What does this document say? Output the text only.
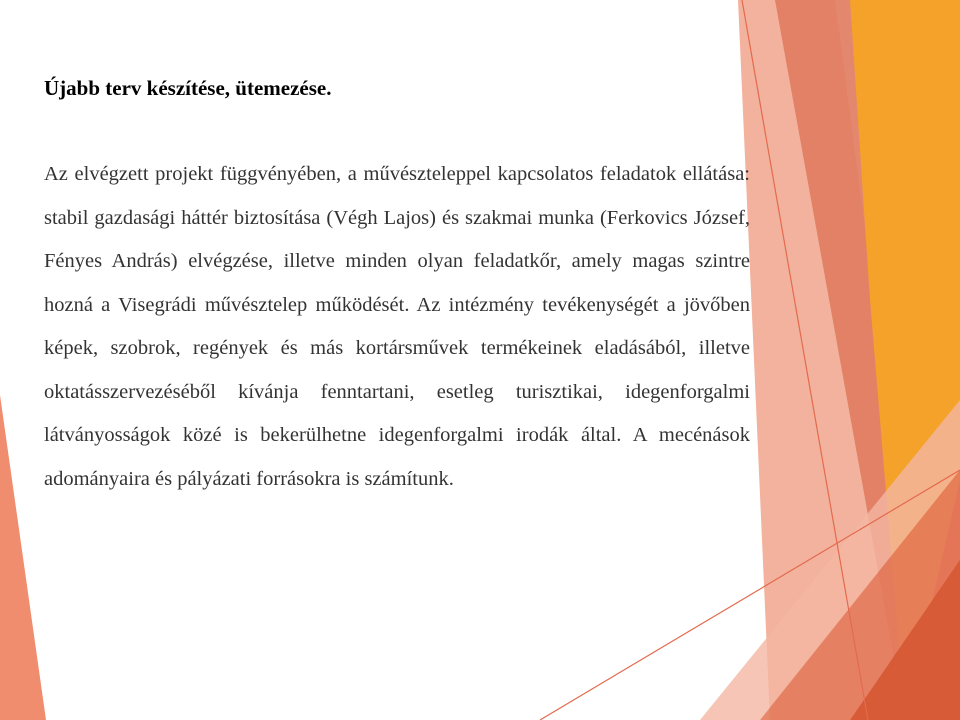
Újabb terv készítése, ütemezése.

Az elvégzett projekt függvényében, a művészteleppel kapcsolatos feladatok ellátása: stabil gazdasági háttér biztosítása (Végh Lajos) és szakmai munka (Ferkovics József, Fényes András) elvégzése, illetve minden olyan feladatkőr, amely magas szintre hozná a Visegrádi művésztelep működését. Az intézmény tevékenységét a jövőben képek, szobrok, regények és más kortársművek termékeinek eladásából, illetve oktatásszervezéséből kívánja fenntartani, esetleg turisztikai, idegenforgalmi látványosságok közé is bekerülhetne idegenforgalmi irodák által. A mecénások adományaira és pályázati forrásokra is számítunk.
